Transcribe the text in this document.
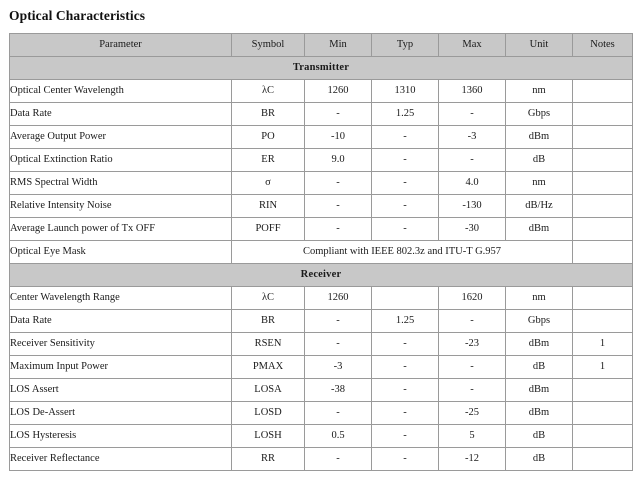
Optical Characteristics
Parameter	Symbol	Min	Typ	Max	Unit	Notes
Transmitter						
Optical Center Wavelength	λC	1260	1310	1360	nm	
Data Rate	BR	-	1.25	-	Gbps	
Average Output Power	PO	-10	-	-3	dBm	
Optical Extinction Ratio	ER	9.0	-	-	dB	
RMS Spectral Width	σ	-	-	4.0	nm	
Relative Intensity Noise	RIN	-	-	-130	dB/Hz	
Average Launch power of Tx OFF	POFF	-	-	-30	dBm	
Optical Eye Mask	Compliant with IEEE 802.3z and ITU-T G.957					
Receiver						
Center Wavelength Range	λC	1260		1620	nm	
Data Rate	BR	-	1.25	-	Gbps	
Receiver Sensitivity	RSEN	-	-	-23	dBm	1
Maximum Input Power	PMAX	-3	-	-	dB	1
LOS Assert	LOSA	-38	-	-	dBm	
LOS De-Assert	LOSD	-	-	-25	dBm	
LOS Hysteresis	LOSH	0.5	-	5	dB	
Receiver Reflectance	RR	-	-	-12	dB	
